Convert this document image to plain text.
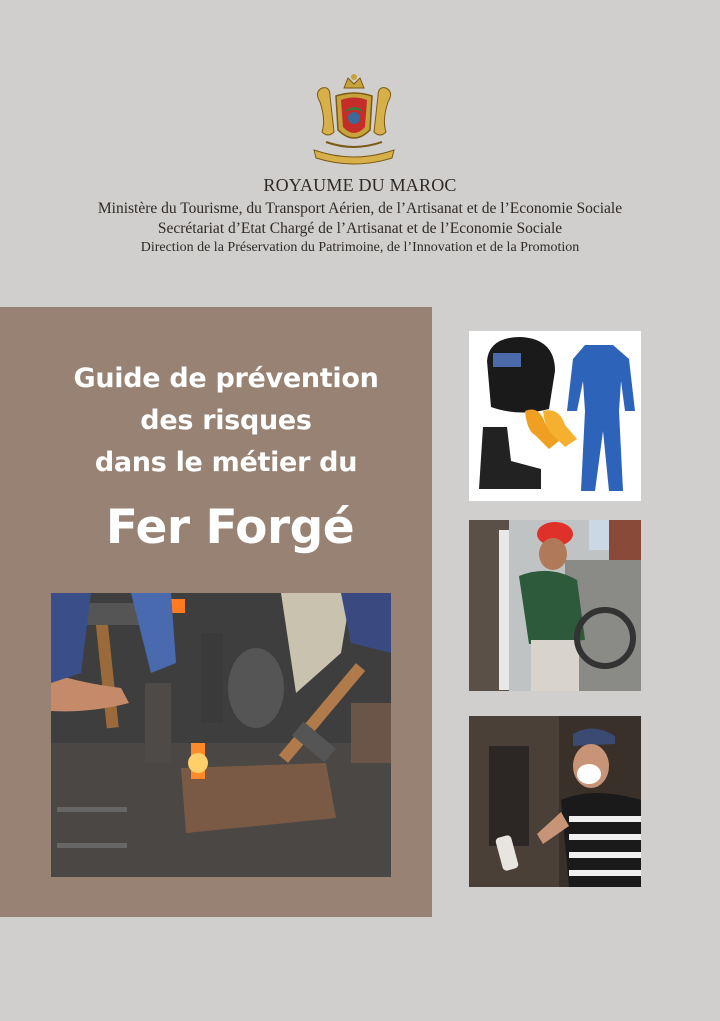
ROYAUME DU MAROC
Ministère du Tourisme, du Transport Aérien, de l’Artisanat et de l’Economie Sociale
Secrétariat d’Etat Chargé de l’Artisanat et de l’Economie Sociale
Direction de la Préservation du Patrimoine, de l’Innovation et de la Promotion
Guide de prévention
des risques
dans le métier du
Fer Forgé
